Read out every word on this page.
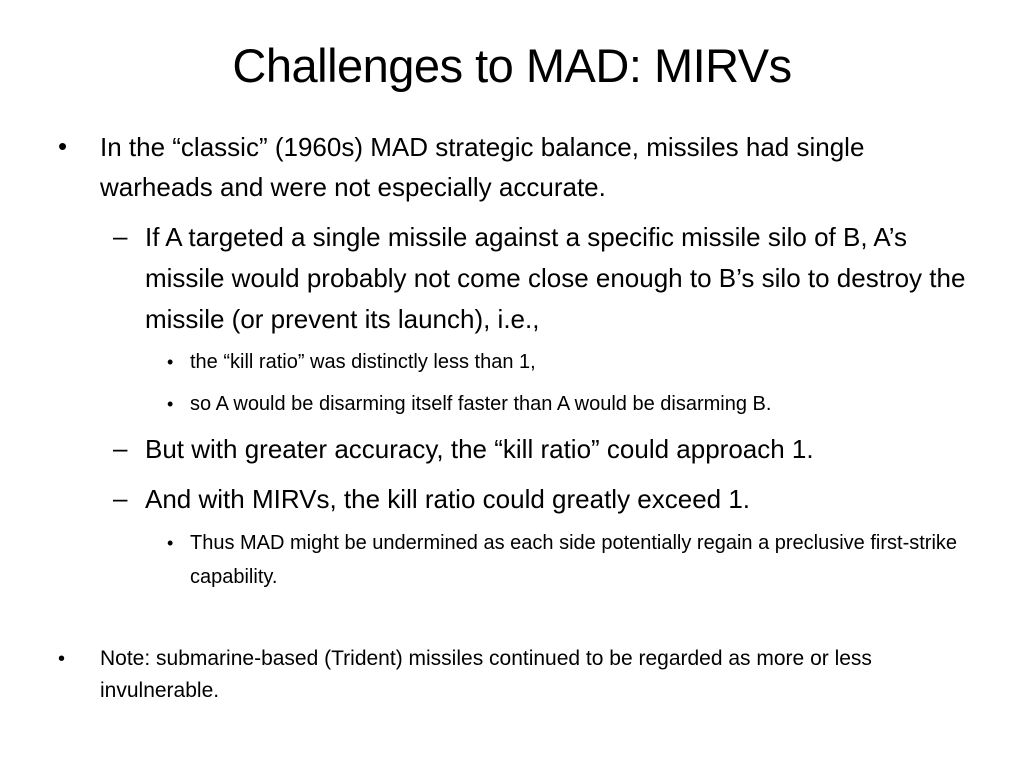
Challenges to MAD: MIRVs
• In the “classic” (1960s) MAD strategic balance, missiles had single warheads and were not especially accurate.

– If A targeted a single missile against a specific missile silo of B, A’s missile would probably not come close enough to B’s silo to destroy the missile (or prevent its launch), i.e.,

• the “kill ratio” was distinctly less than 1,

• so A would be disarming itself faster than A would be disarming B.

– But with greater accuracy, the “kill ratio” could approach 1.

– And with MIRVs, the kill ratio could greatly exceed 1.

• Thus MAD might be undermined as each side potentially regain a preclusive first-strike capability.

• Note: submarine-based (Trident) missiles continued to be regarded as more or less invulnerable.
